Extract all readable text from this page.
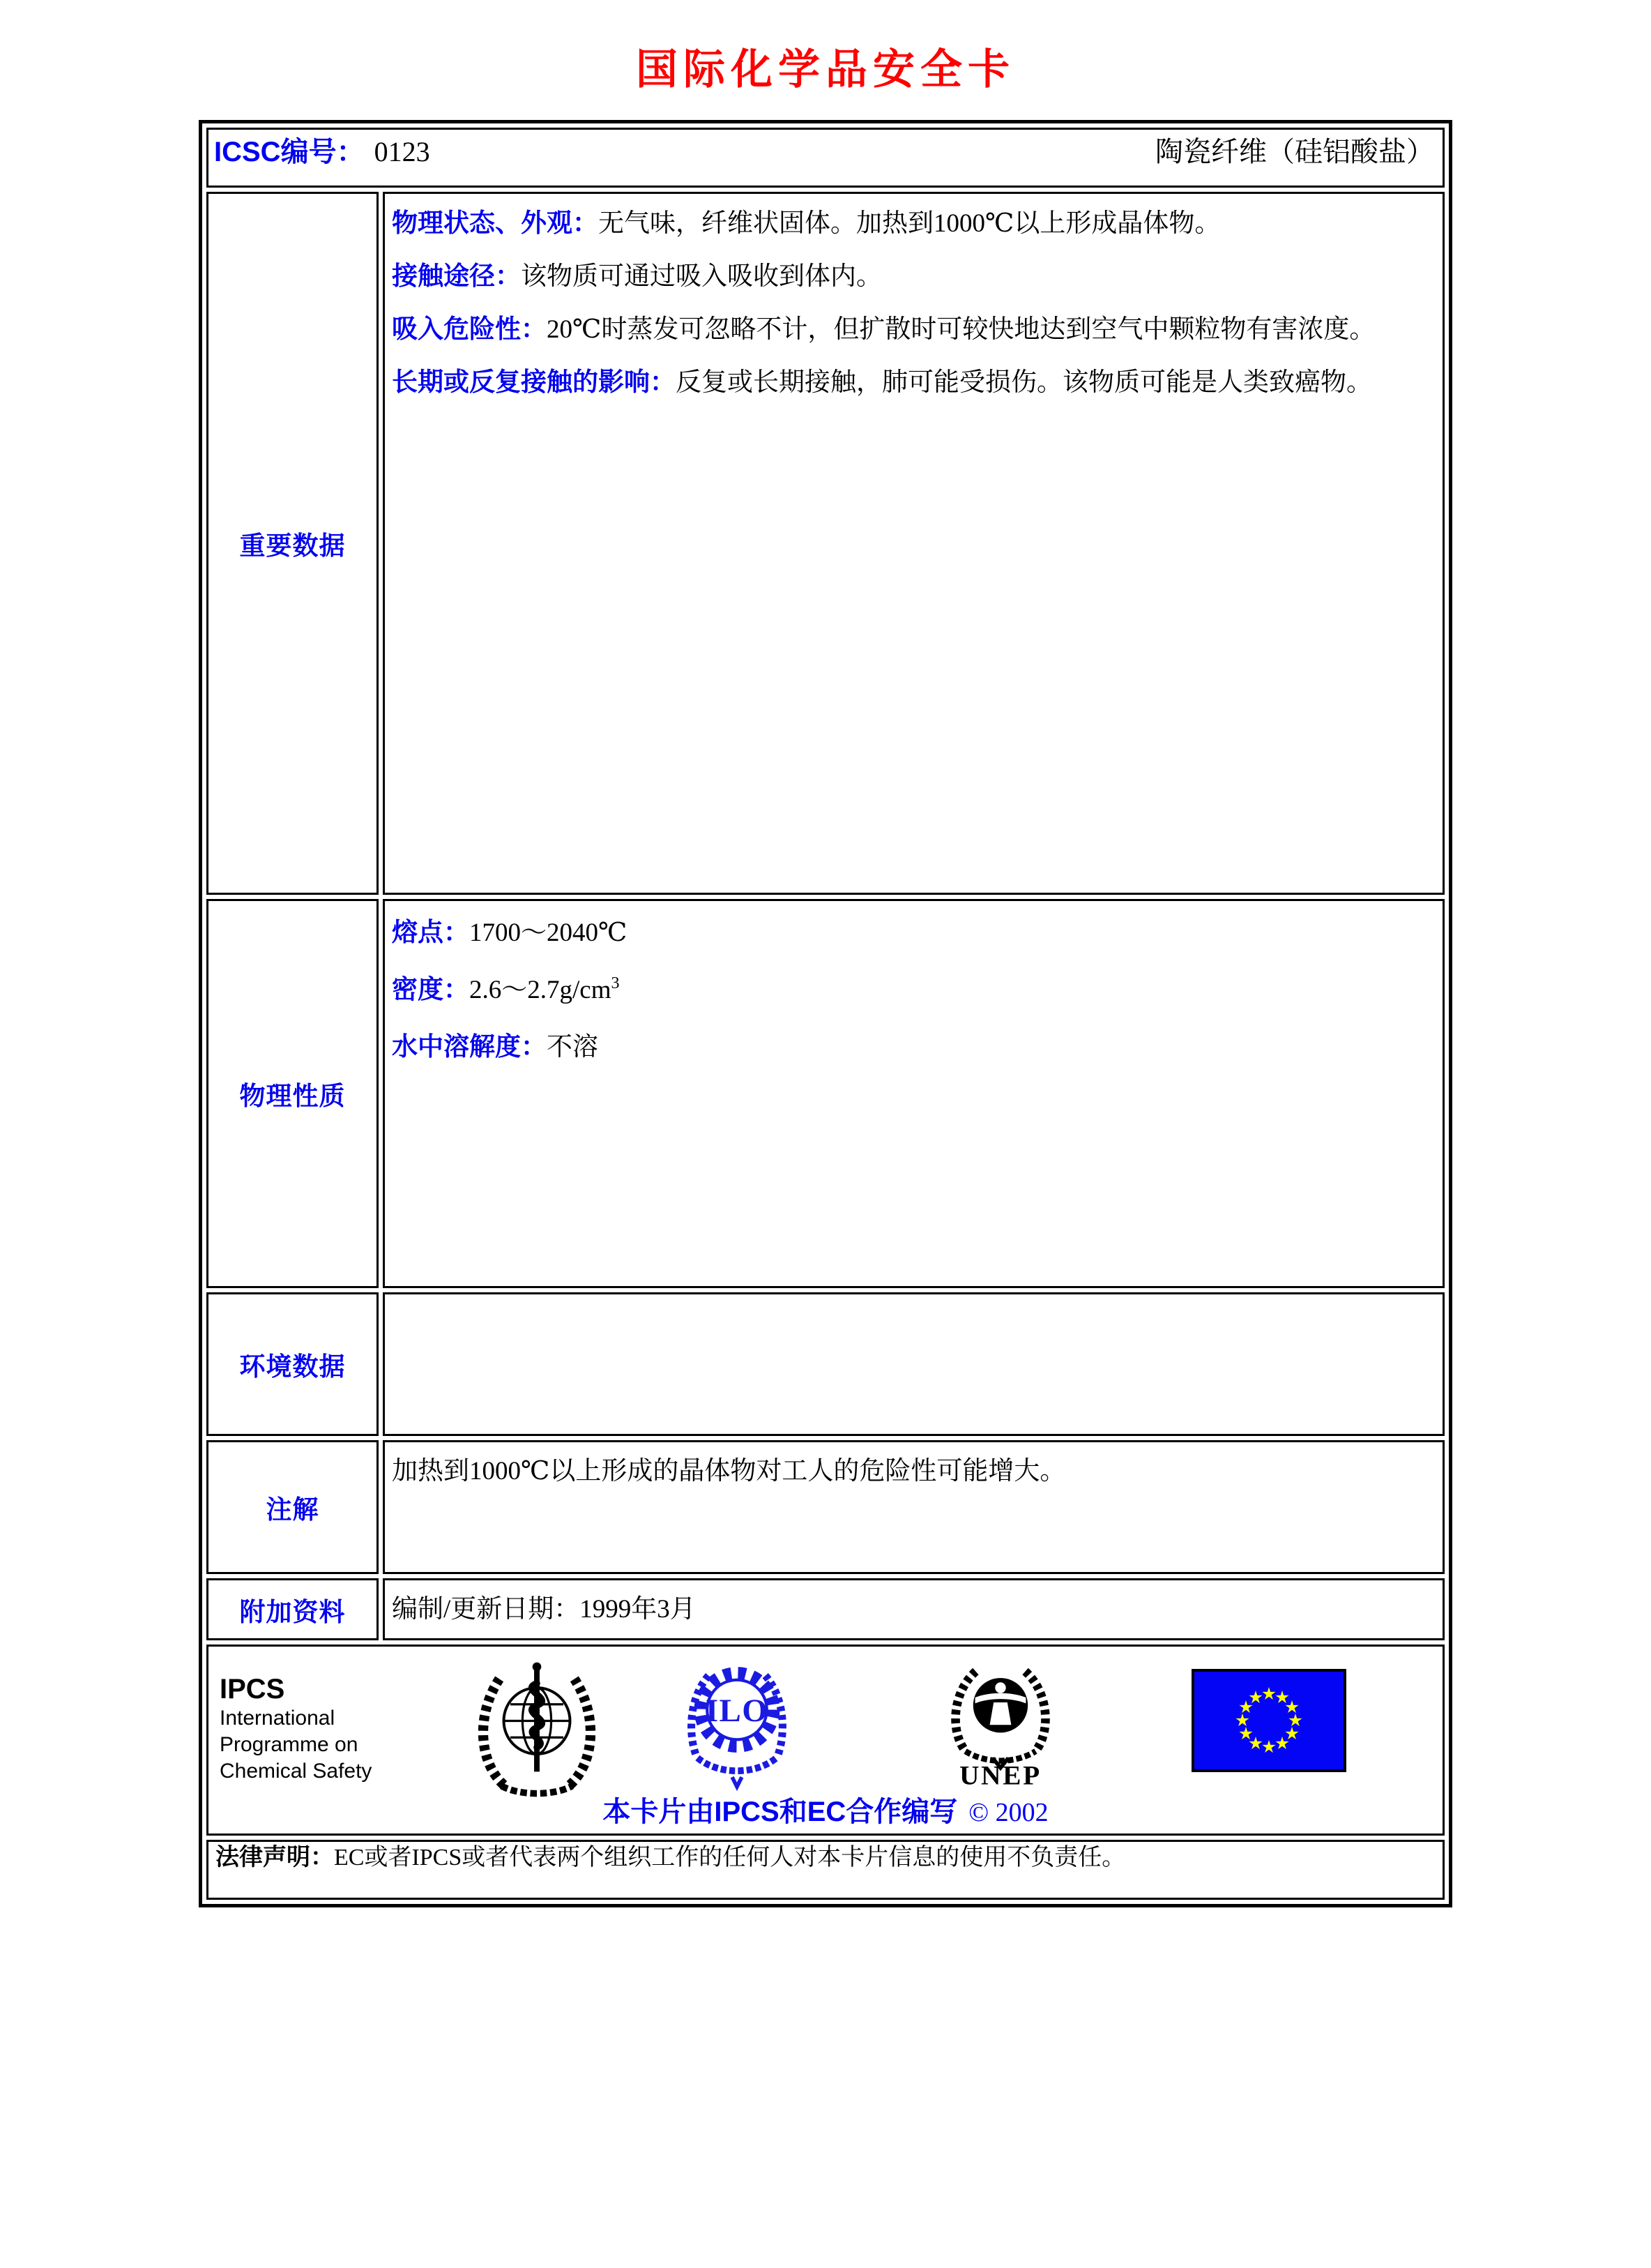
国际化学品安全卡
ICSC编号： 0123 陶瓷纤维（硅铝酸盐）	

重要数据	物理状态、外观：无气味，纤维状固体。加热到1000℃以上形成晶体物。
接触途径：该物质可通过吸入吸收到体内。
吸入危险性：20℃时蒸发可忽略不计，但扩散时可较快地达到空气中颗粒物有害浓度。
长期或反复接触的影响：反复或长期接触，肺可能受损伤。该物质可能是人类致癌物。

物理性质	熔点：1700～2040℃
密度：$2.6\sim 2.7g/cm^3$
水中溶解度：不溶

环境数据	
注解	加热到1000℃以上形成的晶体物对工人的危险性可能增大。
附加资料	编制/更新日期：1999年3月

IPCS
International
Programme on
Chemical Safety
ILO
UNEP
本卡片由IPCS和EC合作编写 © 2002

法律声明：EC或者IPCS或者代表两个组织工作的任何人对本卡片信息的使用不负责任。	
